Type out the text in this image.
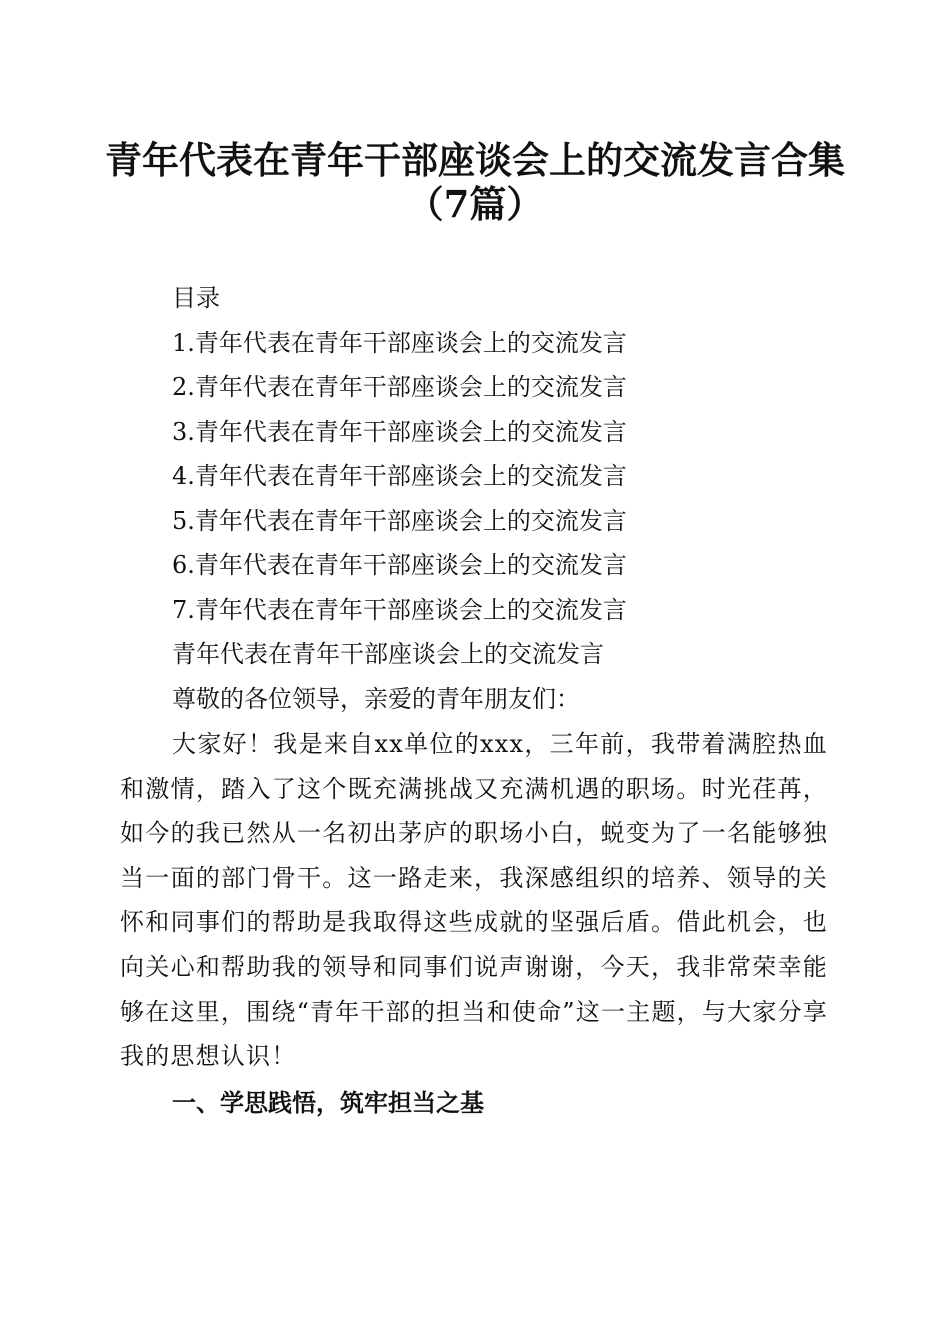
青年代表在青年干部座谈会上的交流发言合集
（7篇）
目录
1.青年代表在青年干部座谈会上的交流发言
2.青年代表在青年干部座谈会上的交流发言
3.青年代表在青年干部座谈会上的交流发言
4.青年代表在青年干部座谈会上的交流发言
5.青年代表在青年干部座谈会上的交流发言
6.青年代表在青年干部座谈会上的交流发言
7.青年代表在青年干部座谈会上的交流发言
青年代表在青年干部座谈会上的交流发言
尊敬的各位领导，亲爱的青年朋友们：
大家好！我是来自xx单位的xxx，三年前，我带着满腔热血和激情，踏入了这个既充满挑战又充满机遇的职场。时光荏苒，如今的我已然从一名初出茅庐的职场小白，蜕变为了一名能够独当一面的部门骨干。这一路走来，我深感组织的培养、领导的关怀和同事们的帮助是我取得这些成就的坚强后盾。借此机会，也向关心和帮助我的领导和同事们说声谢谢，今天，我非常荣幸能够在这里，围绕“青年干部的担当和使命”这一主题，与大家分享我的思想认识！
一、学思践悟，筑牢担当之基
